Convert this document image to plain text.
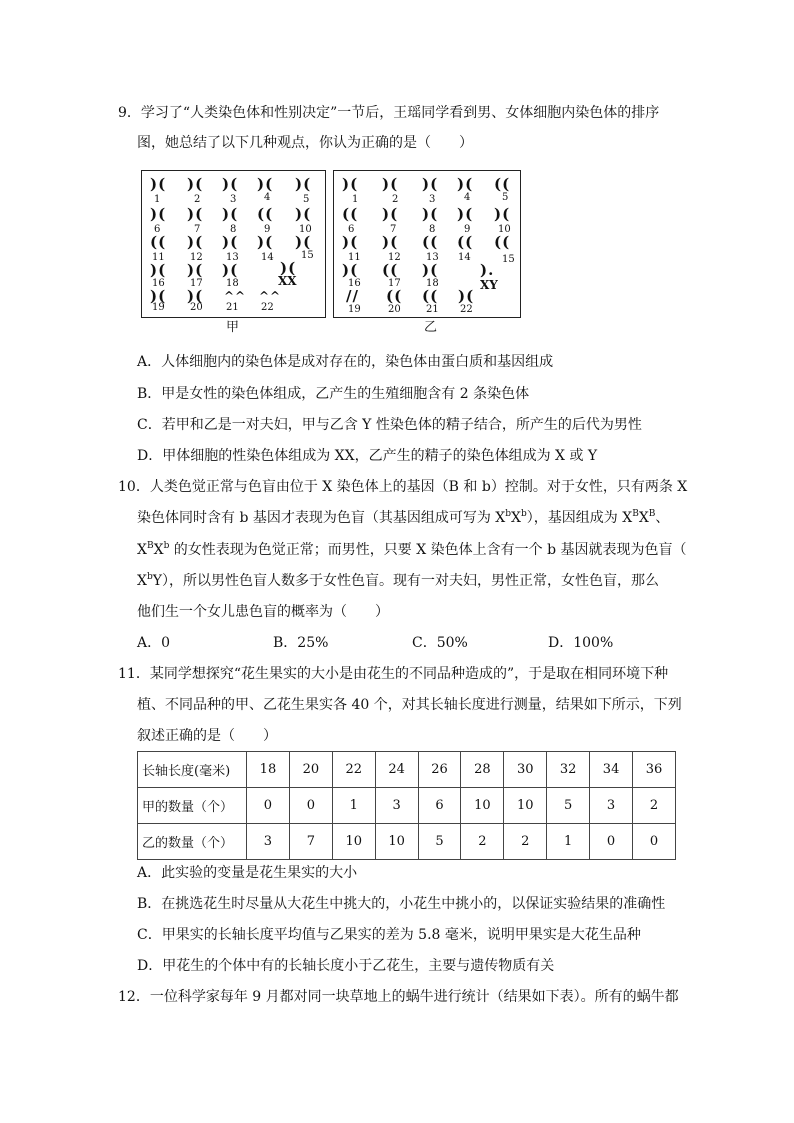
9．学习了“人类染色体和性别决定”一节后，王瑶同学看到男、女体细胞内染色体的排序
图，她总结了以下几种观点，你认为正确的是（　　）
)( )( )( )( )(
1	2	3	4
)( )( )( (( )(
6	7	8	9	10
5
(( )( )( )( )(
11	12 13 14	15
)( )( )(	)(
XX
16	17 18
)( )( ^^ ^^
19	20 21 22
甲
)( )( )( )( ((
1	2	3	4	5
(( )( )( )( )(
6	7	8	9	10
)( )( (( (( ((
11	12	13 14	15
)( (( )(	).
XY
16	17	18
// (( (( )(
19	20	21 22
乙
A．人体细胞内的染色体是成对存在的，染色体由蛋白质和基因组成
B．甲是女性的染色体组成，乙产生的生殖细胞含有 2 条染色体
C．若甲和乙是一对夫妇，甲与乙含 Y 性染色体的精子结合，所产生的后代为男性
D．甲体细胞的性染色体组成为 XX，乙产生的精子的染色体组成为 X 或 Y
10．人类色觉正常与色盲由位于 X 染色体上的基因（B 和 b）控制。对于女性，只有两条 X
染色体同时含有 b 基因才表现为色盲（其基因组成可写为 $X^bX^b$），基因组成为 $X^BX^B$、
$X^BX^b$ 的女性表现为色觉正常；而男性，只要 X 染色体上含有一个 b 基因就表现为色盲（
$X^bY$），所以男性色盲人数多于女性色盲。现有一对夫妇，男性正常，女性色盲，那么
他们生一个女儿患色盲的概率为（　　）
A．0	B．25%	C．50%	D．100%
11．某同学想探究“花生果实的大小是由花生的不同品种造成的”，于是取在相同环境下种
植、不同品种的甲、乙花生果实各 40 个，对其长轴长度进行测量，结果如下所示，下列
叙述正确的是（　　）
长轴长度(毫米)	18	20	22	24	26	28	30	32	34	36
甲的数量（个）	0	0	1	3	6	10	10	5	3	2
乙的数量（个）	3	7	10	10	5	2	2	1	0	0
A．此实验的变量是花生果实的大小
B．在挑选花生时尽量从大花生中挑大的，小花生中挑小的，以保证实验结果的准确性
C．甲果实的长轴长度平均值与乙果实的差为 5.8 毫米，说明甲果实是大花生品种
D．甲花生的个体中有的长轴长度小于乙花生，主要与遗传物质有关
12．一位科学家每年 9 月都对同一块草地上的蜗牛进行统计（结果如下表）。所有的蜗牛都
